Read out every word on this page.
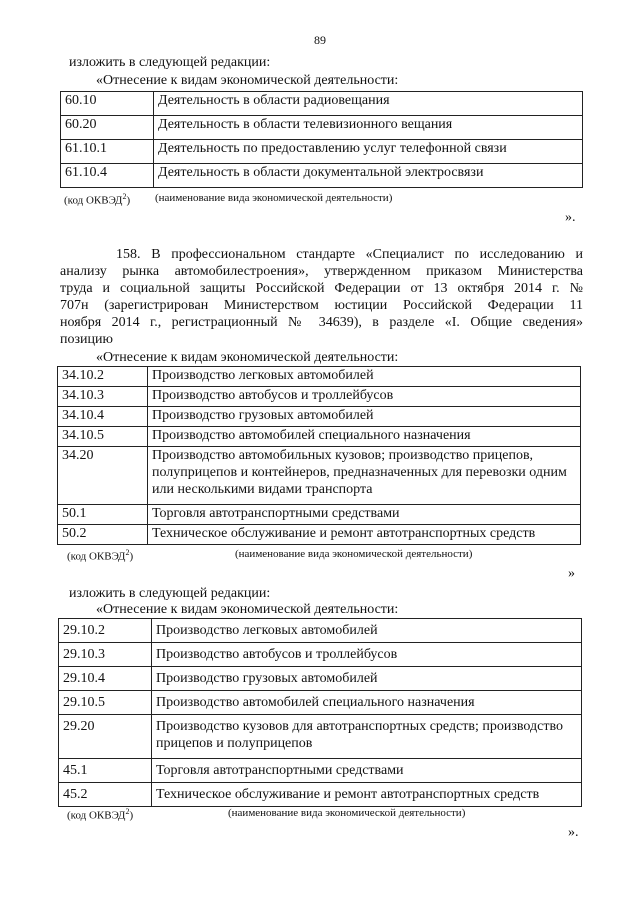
89
изложить в следующей редакции:
«Отнесение к видам экономической деятельности:
60.10	Деятельность в области радиовещания
60.20	Деятельность в области телевизионного вещания
61.10.1	Деятельность по предоставлению услуг телефонной связи
61.10.4	Деятельность в области документальной электросвязи
(код ОКВЭД$^2$) (наименование вида экономической деятельности)
».
158. В профессиональном стандарте «Специалист по исследованию и
анализу рынка автомобилестроения», утвержденном приказом Министерства
труда и социальной защиты Российской Федерации от 13 октября 2014 г. №
707н (зарегистрирован Министерством юстиции Российской Федерации 11
ноября 2014 г., регистрационный № 34639), в разделе «I. Общие сведения»
позицию
«Отнесение к видам экономической деятельности:
34.10.2	Производство легковых автомобилей
34.10.3	Производство автобусов и троллейбусов
34.10.4	Производство грузовых автомобилей
34.10.5	Производство автомобилей специального назначения
34.20	Производство автомобильных кузовов; производство прицепов, полуприцепов и контейнеров, предназначенных для перевозки одним или несколькими видами транспорта
50.1	Торговля автотранспортными средствами
50.2	Техническое обслуживание и ремонт автотранспортных средств
(код ОКВЭД$^2$)	(наименование вида экономической деятельности)
»
изложить в следующей редакции:
«Отнесение к видам экономической деятельности:
29.10.2	Производство легковых автомобилей
29.10.3	Производство автобусов и троллейбусов
29.10.4	Производство грузовых автомобилей
29.10.5	Производство автомобилей специального назначения
29.20	Производство кузовов для автотранспортных средств; производство прицепов и полуприцепов
45.1	Торговля автотранспортными средствами
45.2	Техническое обслуживание и ремонт автотранспортных средств
(код ОКВЭД$^2$)	(наименование вида экономической деятельности)
».
